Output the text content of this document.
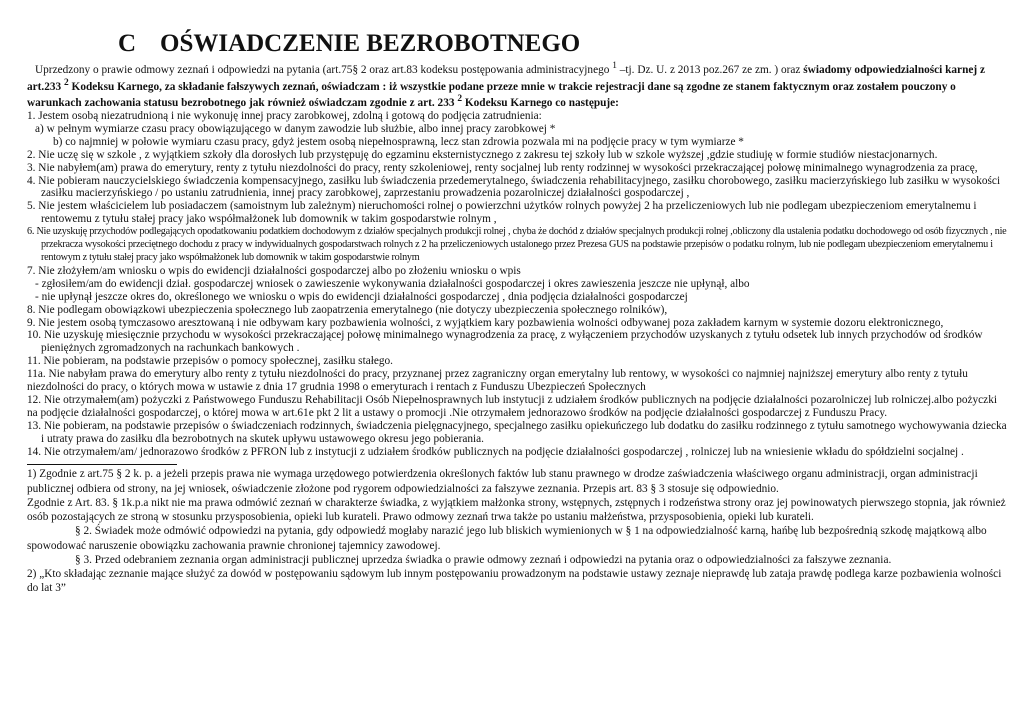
C OŚWIADCZENIE BEZROBOTNEGO

Uprzedzony o prawie odmowy zeznań i odpowiedzi na pytania (art.75§ 2 oraz art.83 kodeksu postępowania administracyjnego $^1$ –tj. Dz. U. z 2013 poz.267 ze zm. ) oraz świadomy odpowiedzialności karnej z art.233 $^2$ Kodeksu Karnego, za składanie fałszywych zeznań, oświadczam : iż wszystkie podane przeze mnie w trakcie rejestracji dane są zgodne ze stanem faktycznym oraz zostałem pouczony o warunkach zachowania statusu bezrobotnego jak również oświadczam zgodnie z art. 233 $^2$ Kodeksu Karnego co następuje:

1. Jestem osobą niezatrudnioną i nie wykonuję innej pracy zarobkowej, zdolną i gotową do podjęcia zatrudnienia:

a) w pełnym wymiarze czasu pracy obowiązującego w danym zawodzie lub służbie, albo innej pracy zarobkowej *

b) co najmniej w połowie wymiaru czasu pracy, gdyż jestem osobą niepełnosprawną, lecz stan zdrowia pozwala mi na podjęcie pracy w tym wymiarze *

2. Nie uczę się w szkole , z wyjątkiem szkoły dla dorosłych lub przystępuję do egzaminu eksternistycznego z zakresu tej szkoły lub w szkole wyższej ,gdzie studiuję w formie studiów niestacjonarnych.

3. Nie nabyłem(am) prawa do emerytury, renty z tytułu niezdolności do pracy, renty szkoleniowej, renty socjalnej lub renty rodzinnej w wysokości przekraczającej połowę minimalnego wynagrodzenia za pracę,

4. Nie pobieram nauczycielskiego świadczenia kompensacyjnego, zasiłku lub świadczenia przedemerytalnego, świadczenia rehabilitacyjnego, zasiłku chorobowego, zasiłku macierzyńskiego lub zasiłku w wysokości zasiłku macierzyńskiego / po ustaniu zatrudnienia, innej pracy zarobkowej, zaprzestaniu prowadzenia pozarolniczej działalności gospodarczej ,

5. Nie jestem właścicielem lub posiadaczem (samoistnym lub zależnym) nieruchomości rolnej o powierzchni użytków rolnych powyżej 2 ha przeliczeniowych lub nie podlegam ubezpieczeniom emerytalnemu i rentowemu z tytułu stałej pracy jako współmałżonek lub domownik w takim gospodarstwie rolnym ,

6. Nie uzyskuję przychodów podlegających opodatkowaniu podatkiem dochodowym z działów specjalnych produkcji rolnej , chyba że dochód z działów specjalnych produkcji rolnej ,obliczony dla ustalenia podatku dochodowego od osób fizycznych , nie przekracza wysokości przeciętnego dochodu z pracy w indywidualnych gospodarstwach rolnych z 2 ha przeliczeniowych ustalonego przez Prezesa GUS na podstawie przepisów o podatku rolnym, lub nie podlegam ubezpieczeniom emerytalnemu i rentowym z tytułu stałej pracy jako współmałżonek lub domownik w takim gospodarstwie rolnym

7. Nie złożyłem/am wniosku o wpis do ewidencji działalności gospodarczej albo po złożeniu wniosku o wpis

- zgłosiłem/am do ewidencji dział. gospodarczej wniosek o zawieszenie wykonywania działalności gospodarczej i okres zawieszenia jeszcze nie upłynął, albo

- nie upłynął jeszcze okres do, określonego we wniosku o wpis do ewidencji działalności gospodarczej , dnia podjęcia działalności gospodarczej

8. Nie podlegam obowiązkowi ubezpieczenia społecznego lub zaopatrzenia emerytalnego (nie dotyczy ubezpieczenia społecznego rolników),

9. Nie jestem osobą tymczasowo aresztowaną i nie odbywam kary pozbawienia wolności, z wyjątkiem kary pozbawienia wolności odbywanej poza zakładem karnym w systemie dozoru elektronicznego,

10. Nie uzyskuję miesięcznie przychodu w wysokości przekraczającej połowę minimalnego wynagrodzenia za pracę, z wyłączeniem przychodów uzyskanych z tytułu odsetek lub innych przychodów od środków pieniężnych zgromadzonych na rachunkach bankowych .

11. Nie pobieram, na podstawie przepisów o pomocy społecznej, zasiłku stałego.

11a. Nie nabyłam prawa do emerytury albo renty z tytułu niezdolności do pracy, przyznanej przez zagraniczny organ emerytalny lub rentowy, w wysokości co najmniej najniższej emerytury albo renty z tytułu niezdolności do pracy, o których mowa w ustawie z dnia 17 grudnia 1998 o emeryturach i rentach z Funduszu Ubezpieczeń Społecznych

12. Nie otrzymałem(am) pożyczki z Państwowego Funduszu Rehabilitacji Osób Niepełnosprawnych lub instytucji z udziałem środków publicznych na podjęcie działalności pozarolniczej lub rolniczej.albo pożyczki na podjęcie działalności gospodarczej, o której mowa w art.61e pkt 2 lit a ustawy o promocji .Nie otrzymałem jednorazowo środków na podjęcie działalności gospodarczej z Funduszu Pracy.

13. Nie pobieram, na podstawie przepisów o świadczeniach rodzinnych, świadczenia pielęgnacyjnego, specjalnego zasiłku opiekuńczego lub dodatku do zasiłku rodzinnego z tytułu samotnego wychowywania dziecka i utraty prawa do zasiłku dla bezrobotnych na skutek upływu ustawowego okresu jego pobierania.

14. Nie otrzymałem/am/ jednorazowo środków z PFRON lub z instytucji z udziałem środków publicznych na podjęcie działalności gospodarczej , rolniczej lub na wniesienie wkładu do spółdzielni socjalnej .

1) Zgodnie z art.75 § 2 k. p. a jeżeli przepis prawa nie wymaga urzędowego potwierdzenia określonych faktów lub stanu prawnego w drodze zaświadczenia właściwego organu administracji, organ administracji publicznej odbiera od strony, na jej wniosek, oświadczenie złożone pod rygorem odpowiedzialności za fałszywe zeznania. Przepis art. 83 § 3 stosuje się odpowiednio.

Zgodnie z Art. 83. § 1k.p.a nikt nie ma prawa odmówić zeznań w charakterze świadka, z wyjątkiem małżonka strony, wstępnych, zstępnych i rodzeństwa strony oraz jej powinowatych pierwszego stopnia, jak również osób pozostających ze stroną w stosunku przysposobienia, opieki lub kurateli. Prawo odmowy zeznań trwa także po ustaniu małżeństwa, przysposobienia, opieki lub kurateli.

§ 2. Świadek może odmówić odpowiedzi na pytania, gdy odpowiedź mogłaby narazić jego lub bliskich wymienionych w § 1 na odpowiedzialność karną, hańbę lub bezpośrednią szkodę majątkową albo spowodować naruszenie obowiązku zachowania prawnie chronionej tajemnicy zawodowej.

§ 3. Przed odebraniem zeznania organ administracji publicznej uprzedza świadka o prawie odmowy zeznań i odpowiedzi na pytania oraz o odpowiedzialności za fałszywe zeznania.

2) „Kto składając zeznanie mające służyć za dowód w postępowaniu sądowym lub innym postępowaniu prowadzonym na podstawie ustawy zeznaje nieprawdę lub zataja prawdę podlega karze pozbawienia wolności do lat 3”
